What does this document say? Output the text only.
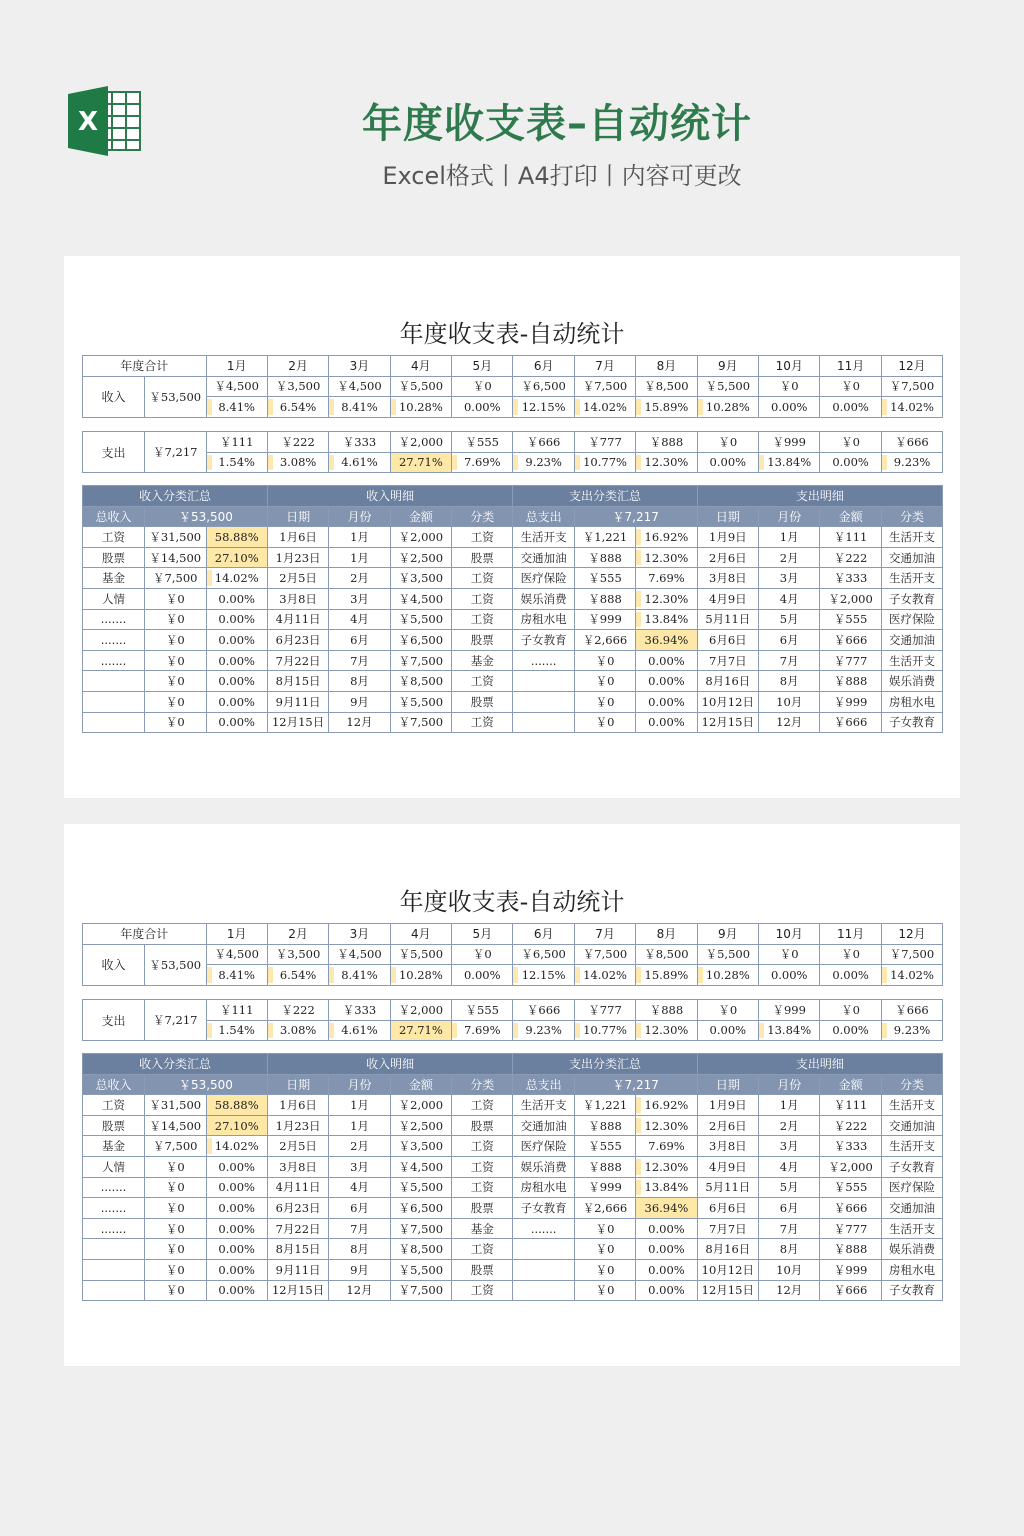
X	年度收支表–自动统计
Excel格式丨A4打印丨内容可更改
年度收支表-自动统计
年度合计		1月	2月	3月	4月	5月	6月	7月	8月	9月	10月	11月	12月
收入	￥53,500	￥4,500	￥3,500	￥4,500	￥5,500	￥0	￥6,500	￥7,500	￥8,500	￥5,500	￥0	￥0	￥7,500

8.41%	6.54%	8.41%	10.28%	0.00%	12.15%	14.02%	15.89%	10.28%	0.00%	0.00%	14.02%
支出	￥7,217	￥111	￥222	￥333	￥2,000	￥555	￥666	￥777	￥888	￥0	￥999	￥0	￥666

1.54%	3.08%	4.61%	27.71%	7.69%	9.23%	10.77%	12.30%	0.00%	13.84%	0.00%	9.23%
收入分类汇总			收入明细				支出分类汇总			支出明细			
总收入	￥53,500		日期	月份	金额	分类	总支出	￥7,217		日期	月份	金额	分类
工资	￥31,500	58.88%	1月6日	1月	￥2,000	工资	生活开支	￥1,221	16.92%	1月9日	1月	￥111	生活开支
股票	￥14,500	27.10%	1月23日	1月	￥2,500	股票	交通加油	￥888	12.30%	2月6日	2月	￥222	交通加油
基金	￥7,500	14.02%	2月5日	2月	￥3,500	工资	医疗保险	￥555	7.69%	3月8日	3月	￥333	生活开支
人情	￥0	0.00%	3月8日	3月	￥4,500	工资	娱乐消费	￥888	12.30%	4月9日	4月	￥2,000	子女教育
.......	￥0	0.00%	4月11日	4月	￥5,500	工资	房租水电	￥999	13.84%	5月11日	5月	￥555	医疗保险
.......	￥0	0.00%	6月23日	6月	￥6,500	股票	子女教育	￥2,666	36.94%	6月6日	6月	￥666	交通加油
.......	￥0	0.00%	7月22日	7月	￥7,500	基金	.......	￥0	0.00%	7月7日	7月	￥777	生活开支
	￥0	0.00%	8月15日	8月	￥8,500	工资		￥0	0.00%	8月16日	8月	￥888	娱乐消费
	￥0	0.00%	9月11日	9月	￥5,500	股票		￥0	0.00%	10月12日	10月	￥999	房租水电
	￥0	0.00%	12月15日	12月	￥7,500	工资		￥0	0.00%	12月15日	12月	￥666	子女教育
年度收支表-自动统计
年度合计		1月	2月	3月	4月	5月	6月	7月	8月	9月	10月	11月	12月
收入	￥53,500	￥4,500	￥3,500	￥4,500	￥5,500	￥0	￥6,500	￥7,500	￥8,500	￥5,500	￥0	￥0	￥7,500

8.41%	6.54%	8.41%	10.28%	0.00%	12.15%	14.02%	15.89%	10.28%	0.00%	0.00%	14.02%
支出	￥7,217	￥111	￥222	￥333	￥2,000	￥555	￥666	￥777	￥888	￥0	￥999	￥0	￥666

1.54%	3.08%	4.61%	27.71%	7.69%	9.23%	10.77%	12.30%	0.00%	13.84%	0.00%	9.23%
收入分类汇总			收入明细				支出分类汇总			支出明细			
总收入	￥53,500		日期	月份	金额	分类	总支出	￥7,217		日期	月份	金额	分类
工资	￥31,500	58.88%	1月6日	1月	￥2,000	工资	生活开支	￥1,221	16.92%	1月9日	1月	￥111	生活开支
股票	￥14,500	27.10%	1月23日	1月	￥2,500	股票	交通加油	￥888	12.30%	2月6日	2月	￥222	交通加油
基金	￥7,500	14.02%	2月5日	2月	￥3,500	工资	医疗保险	￥555	7.69%	3月8日	3月	￥333	生活开支
人情	￥0	0.00%	3月8日	3月	￥4,500	工资	娱乐消费	￥888	12.30%	4月9日	4月	￥2,000	子女教育
.......	￥0	0.00%	4月11日	4月	￥5,500	工资	房租水电	￥999	13.84%	5月11日	5月	￥555	医疗保险
.......	￥0	0.00%	6月23日	6月	￥6,500	股票	子女教育	￥2,666	36.94%	6月6日	6月	￥666	交通加油
.......	￥0	0.00%	7月22日	7月	￥7,500	基金	.......	￥0	0.00%	7月7日	7月	￥777	生活开支
	￥0	0.00%	8月15日	8月	￥8,500	工资		￥0	0.00%	8月16日	8月	￥888	娱乐消费
	￥0	0.00%	9月11日	9月	￥5,500	股票		￥0	0.00%	10月12日	10月	￥999	房租水电
	￥0	0.00%	12月15日	12月	￥7,500	工资		￥0	0.00%	12月15日	12月	￥666	子女教育
